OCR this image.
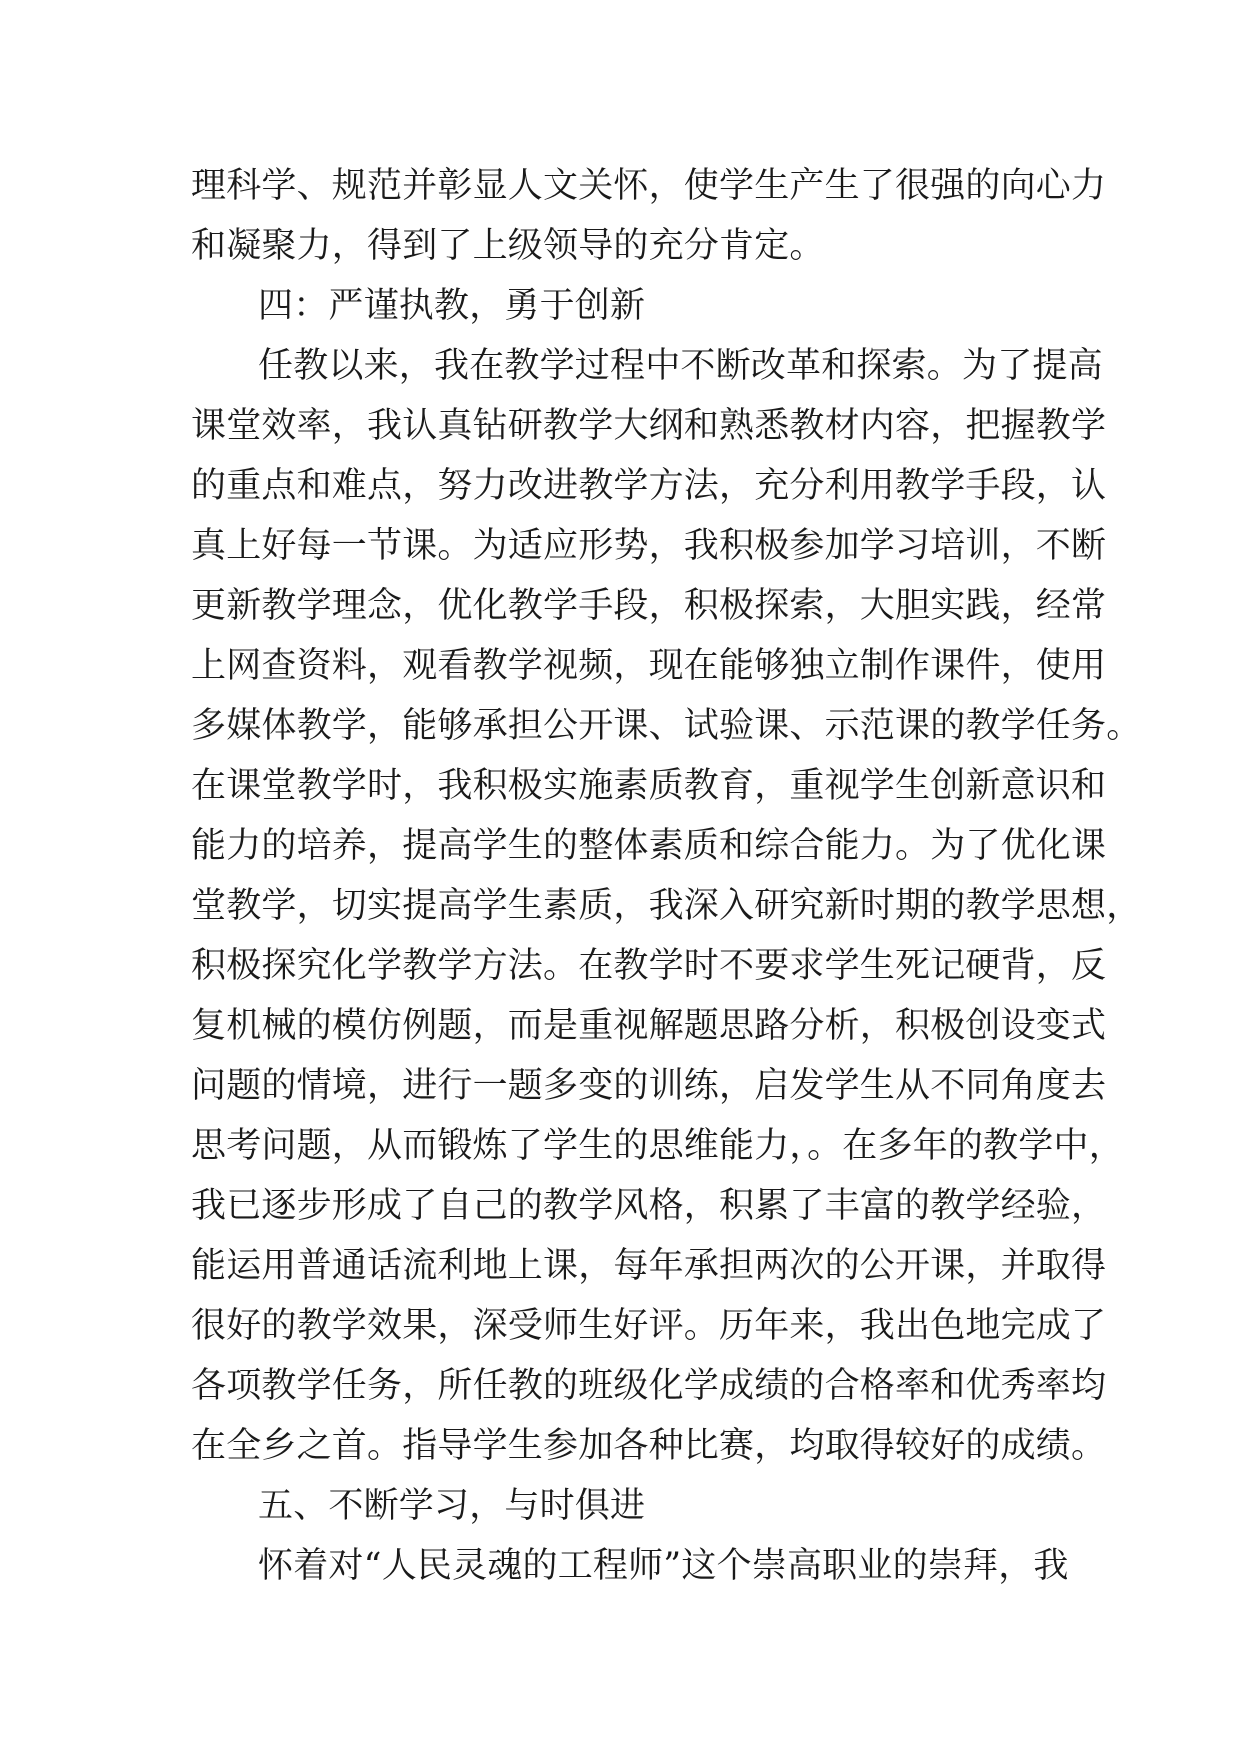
理科学、规范并彰显人文关怀，使学生产生了很强的向心力
和凝聚力，得到了上级领导的充分肯定。
四：严谨执教，勇于创新
任教以来，我在教学过程中不断改革和探索。为了提高
课堂效率，我认真钻研教学大纲和熟悉教材内容，把握教学
的重点和难点，努力改进教学方法，充分利用教学手段，认
真上好每一节课。为适应形势，我积极参加学习培训，不断
更新教学理念，优化教学手段，积极探索，大胆实践，经常
上网查资料，观看教学视频，现在能够独立制作课件，使用
多媒体教学，能够承担公开课、试验课、示范课的教学任务。
在课堂教学时，我积极实施素质教育，重视学生创新意识和
能力的培养，提高学生的整体素质和综合能力。为了优化课
堂教学，切实提高学生素质，我深入研究新时期的教学思想，
积极探究化学教学方法。在教学时不要求学生死记硬背，反
复机械的模仿例题，而是重视解题思路分析，积极创设变式
问题的情境，进行一题多变的训练，启发学生从不同角度去
思考问题，从而锻炼了学生的思维能力，。在多年的教学中，
我已逐步形成了自己的教学风格，积累了丰富的教学经验，
能运用普通话流利地上课，每年承担两次的公开课，并取得
很好的教学效果，深受师生好评。历年来，我出色地完成了
各项教学任务，所任教的班级化学成绩的合格率和优秀率均
在全乡之首。指导学生参加各种比赛，均取得较好的成绩。
五、不断学习，与时俱进
怀着对“人民灵魂的工程师”这个崇高职业的崇拜，我
